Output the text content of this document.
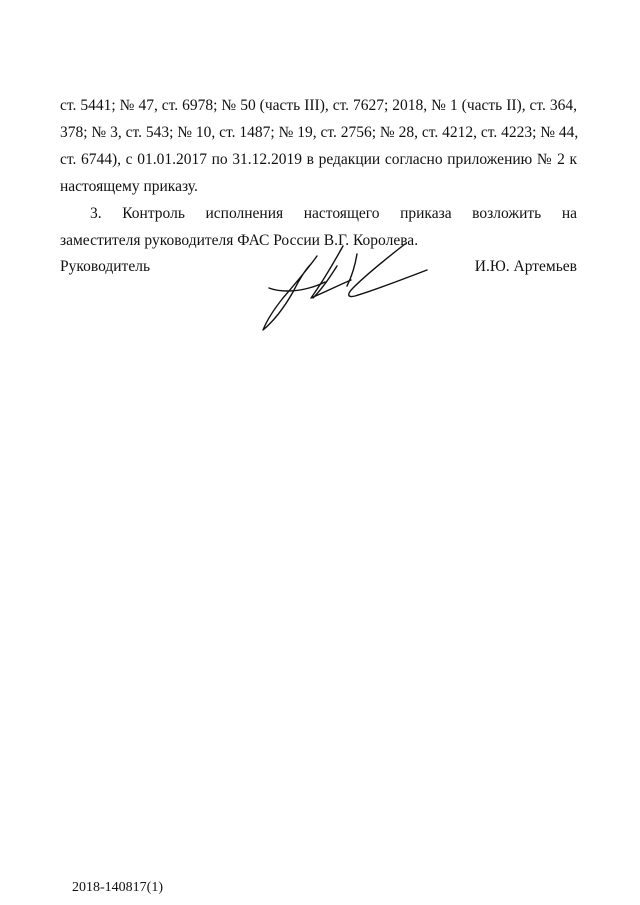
ст. 5441; № 47, ст. 6978; № 50 (часть III), ст. 7627; 2018, № 1 (часть II), ст. 364,
378; № 3, ст. 543; № 10, ст. 1487; № 19, ст. 2756; № 28, ст. 4212, ст. 4223; № 44,
ст. 6744), с 01.01.2017 по 31.12.2019 в редакции согласно приложению № 2 к
настоящему приказу.
3. Контроль исполнения настоящего приказа возложить на
заместителя руководителя ФАС России В.Г. Королева.
Руководитель	И.Ю. Артемьев
2018-140817(1)
